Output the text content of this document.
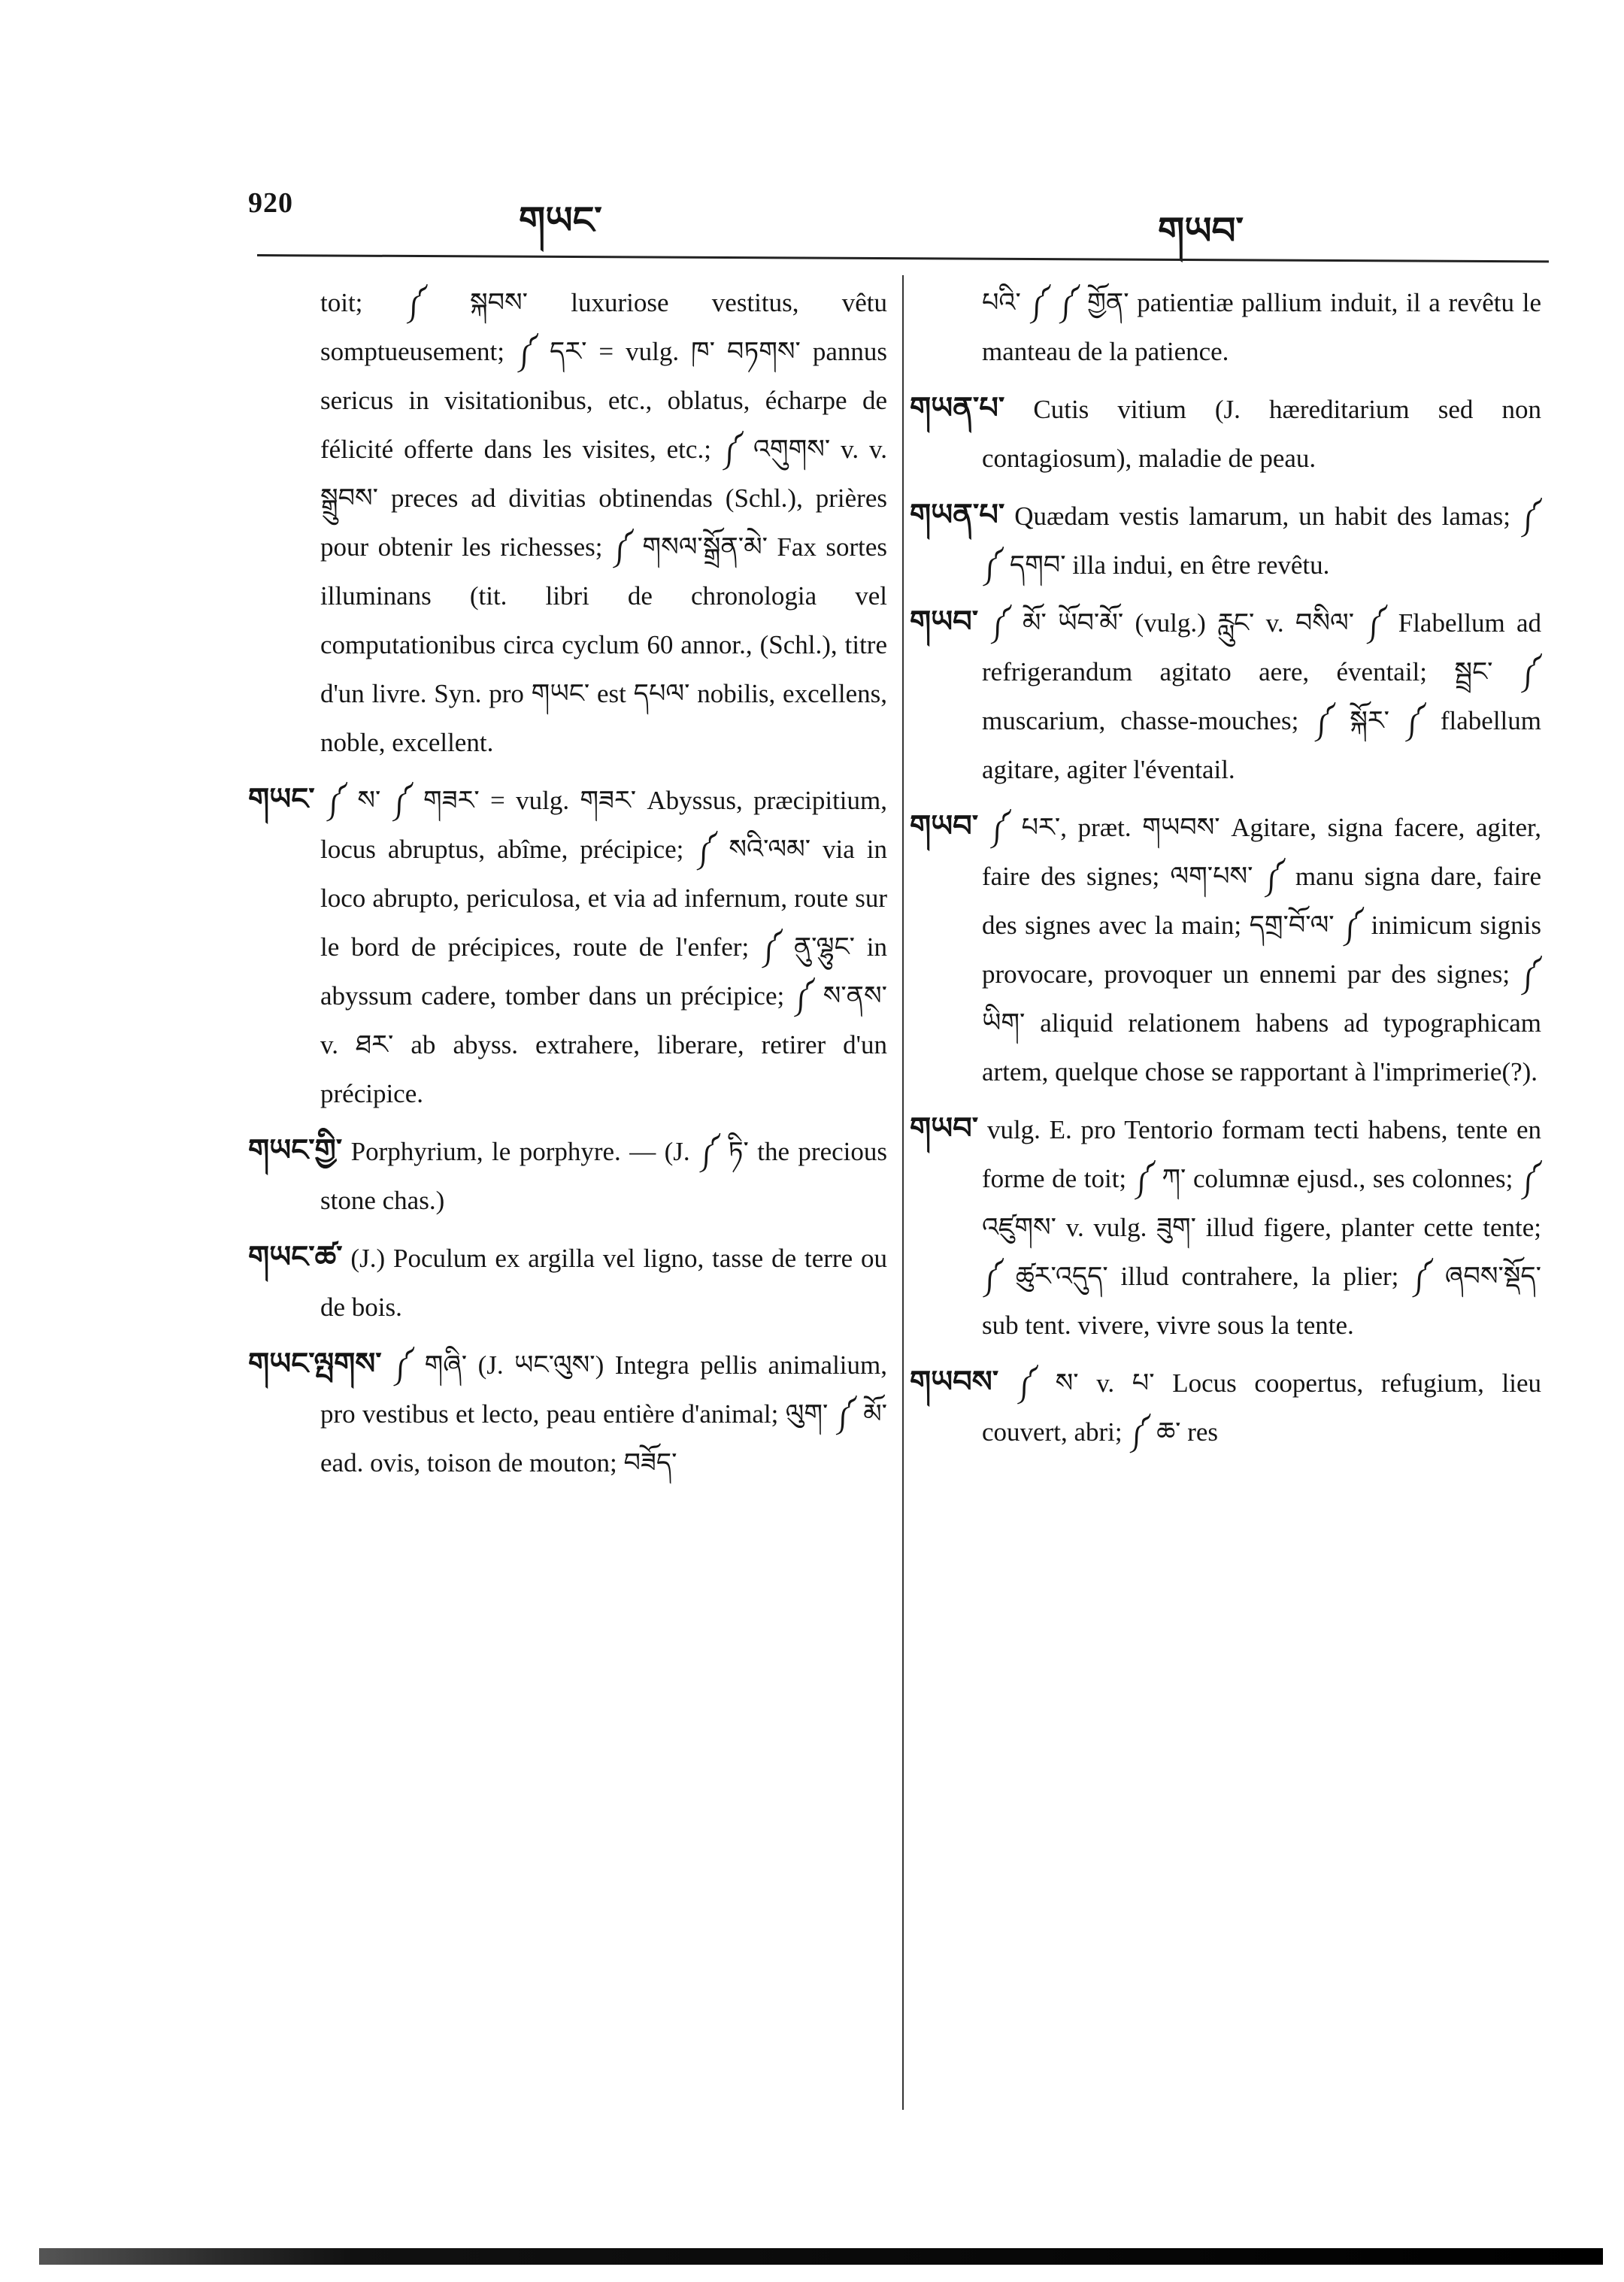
920	གཡང་	གཡབ་

toit; ༼ སྐབས་ luxuriose vestitus, vêtu somptueusement; ༼ དར་ = vulg. ཁ་ བཏགས་ pannus sericus in visitationibus, etc., oblatus, écharpe de félicité offerte dans les visites, etc.; ༼ འགུགས་ v. v. སྒྲུབས་ preces ad divitias obtinendas (Schl.), prières pour obtenir les richesses; ༼ གསལ་སྒྲོན་མེ་ Fax sortes illuminans (tit. libri de chronologia vel computationibus circa cyclum 60 annor., (Schl.), titre d'un livre. Syn. pro གཡང་ est དཔལ་ nobilis, excellens, noble, excellent.

གཡང་ ༼ ས་ ༼ གཟར་ = vulg. གཟར་ Abyssus, præcipitium, locus abruptus, abîme, précipice; ༼ སའི་ལམ་ via in loco abrupto, periculosa, et via ad infernum, route sur le bord de précipices, route de l'enfer; ༼ ནུ་ལྷུང་ in abyssum cadere, tomber dans un précipice; ༼ ས་ནས་ v. ཐར་ ab abyss. extrahere, liberare, retirer d'un précipice.

གཡང་གྱི་ Porphyrium, le porphyre. — (J. ༼ ཏི་ the precious stone chas.)

གཡང་ཚ་ (J.) Poculum ex argilla vel ligno, tasse de terre ou de bois.

གཡང་ལྤགས་ ༼ གཞི་ (J. ཡང་ལུས་) Integra pellis animalium, pro vestibus et lecto, peau entière d'animal; ལུག་ ༼ མོ་ ead. ovis, toison de mouton; བཟོད་

པའི་ ༼ ༼ གྱོན་ patientiæ pallium induit, il a revêtu le manteau de la patience.

གཡན་པ་ Cutis vitium (J. hæreditarium sed non contagiosum), maladie de peau.

གཡན་པ་ Quædam vestis lamarum, un habit des lamas; ༼ ༼ དགབ་ illa indui, en être revêtu.

གཡབ་ ༼ མོ་ ཡོབ་མོ་ (vulg.) རླུང་ v. བསིལ་ ༼ Flabellum ad refrigerandum agitato aere, éventail; སྦྲང་ ༼ muscarium, chasse-mouches; ༼ སྐོར་ ༼ flabellum agitare, agiter l'éventail.

གཡབ་ ༼ པར་, præt. གཡབས་ Agitare, signa facere, agiter, faire des signes; ལག་པས་ ༼ manu signa dare, faire des signes avec la main; དགྲ་བོ་ལ་ ༼ inimicum signis provocare, provoquer un ennemi par des signes; ༼ ཡིག་ aliquid relationem habens ad typographicam artem, quelque chose se rapportant à l'imprimerie(?).

གཡབ་ vulg. E. pro Tentorio formam tecti habens, tente en forme de toit; ༼ ཀ་ columnæ ejusd., ses colonnes; ༼ འཛུགས་ v. vulg. ཟུག་ illud figere, planter cette tente; ༼ ཚུར་འདུད་ illud contrahere, la plier; ༼ ཞབས་སྡོད་ sub tent. vivere, vivre sous la tente.

གཡབས་ ༼ ས་ v. པ་ Locus coopertus, refugium, lieu couvert, abri; ༼ ཆ་ res
